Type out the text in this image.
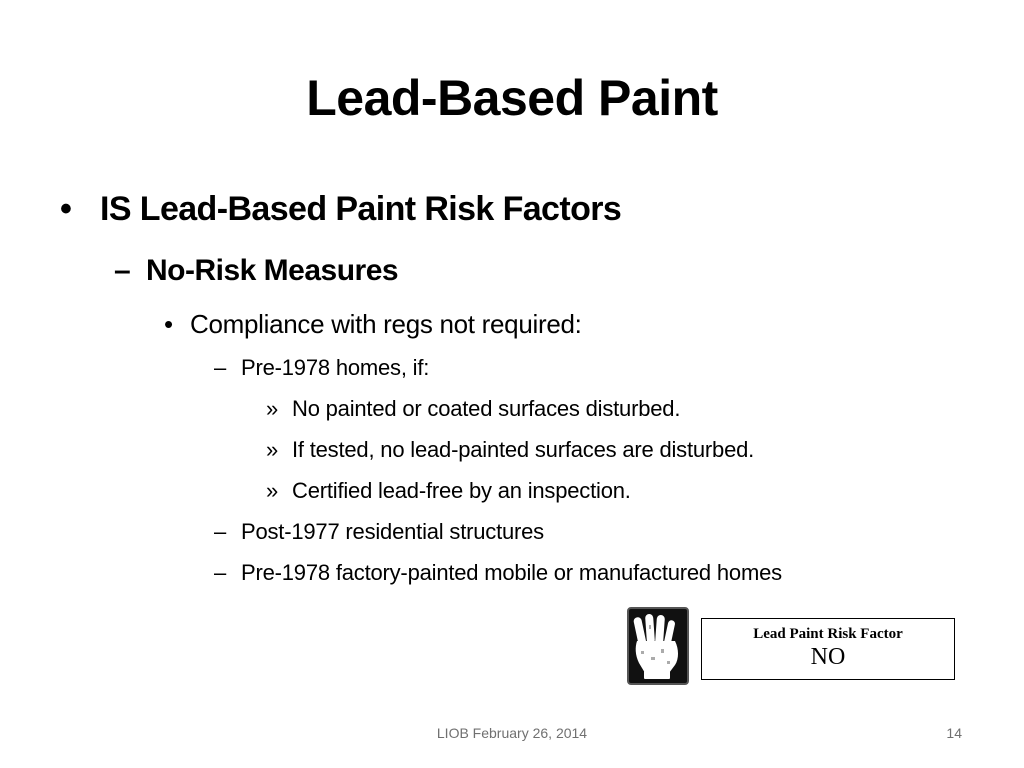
Lead-Based Paint
• IS Lead-Based Paint Risk Factors
– No-Risk Measures
• Compliance with regs not required:
– Pre-1978 homes, if:
» No painted or coated surfaces disturbed.
» If tested, no lead-painted surfaces are disturbed.
» Certified lead-free by an inspection.
– Post-1977 residential structures
– Pre-1978 factory-painted mobile or manufactured homes
Lead Paint Risk Factor
NO
LIOB February 26, 2014	14
